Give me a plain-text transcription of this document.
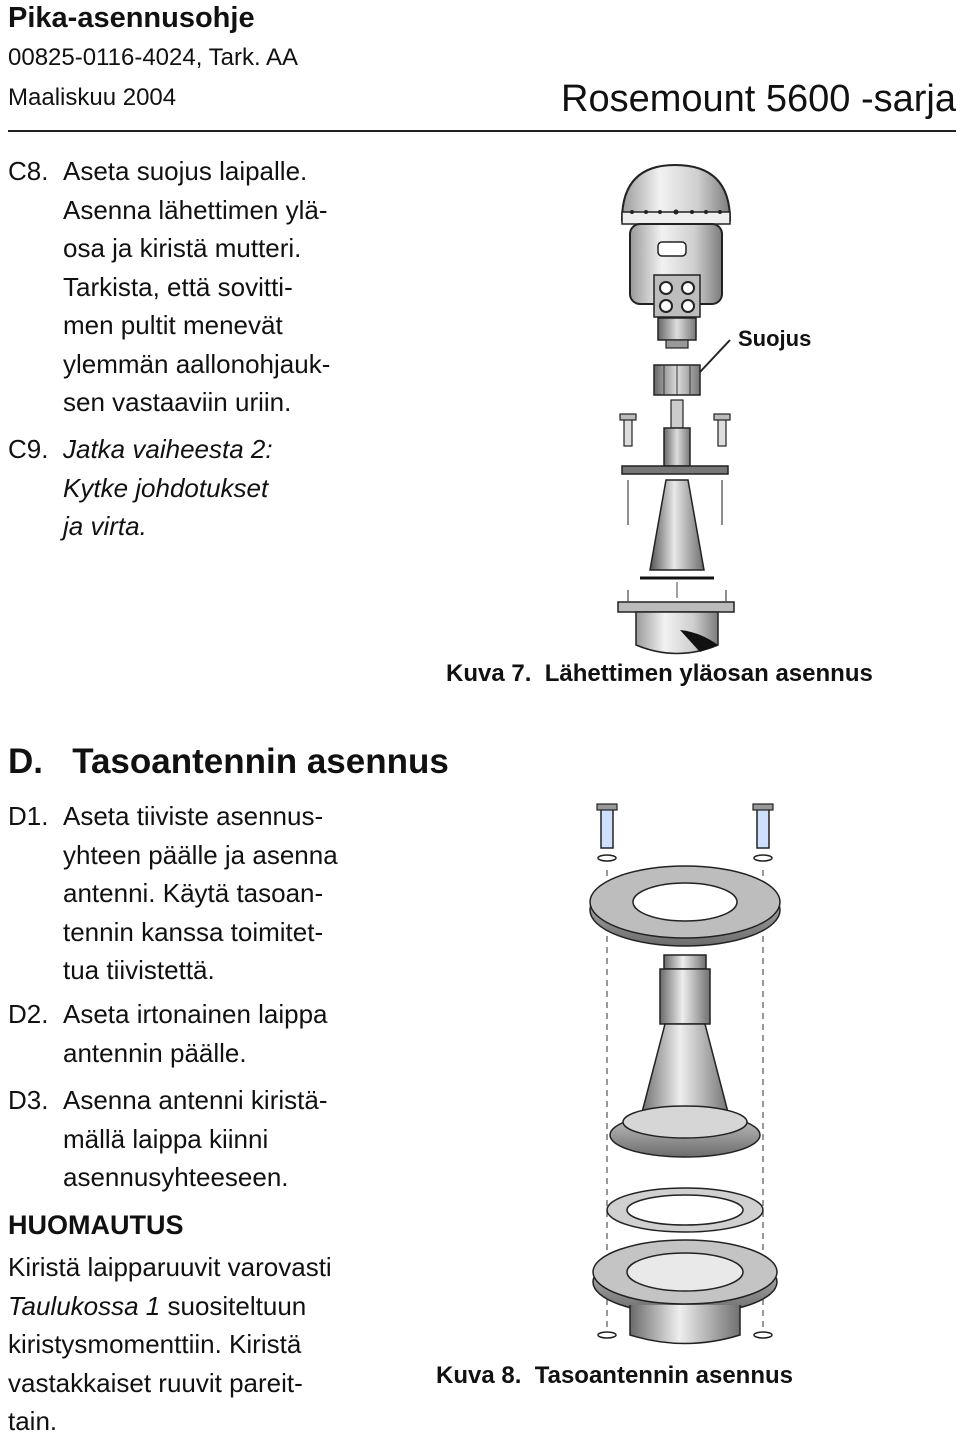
Pika-asennusohje
00825-0116-4024, Tark. AA
Maaliskuu 2004	Rosemount 5600 -sarja
C8. Aseta suojus laipalle.
Asenna lähettimen ylä-
osa ja kiristä mutteri.
Tarkista, että sovitti-
men pultit menevät
ylemmän aallonohjauk-
sen vastaaviin uriin.
C9. Jatka vaiheesta 2:
Kytke johdotukset
ja virta.
Suojus
Kuva 7. Lähettimen yläosan asennus
D. Tasoantennin asennus
D1. Aseta tiiviste asennus-
yhteen päälle ja asenna
antenni. Käytä tasoan-
tennin kanssa toimitet-
tua tiivistettä.
D2. Aseta irtonainen laippa
antennin päälle.
D3. Asenna antenni kiristä-
mällä laippa kiinni
asennusyhteeseen.
HUOMAUTUS
Kiristä laipparuuvit varovasti
Taulukossa 1 suositeltuun
kiristysmomenttiin. Kiristä
vastakkaiset ruuvit pareit-
tain.
Kuva 8. Tasoantennin asennus
